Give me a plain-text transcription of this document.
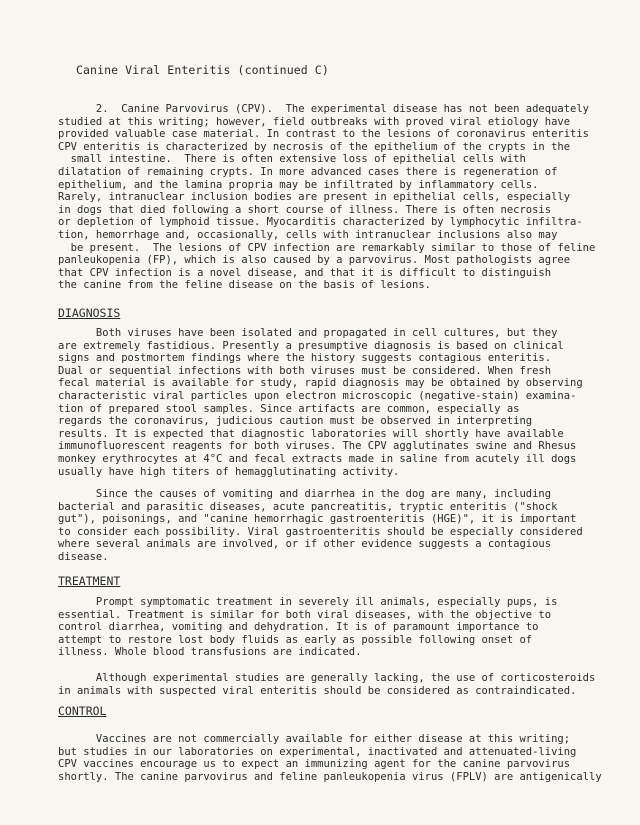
Canine Viral Enteritis (continued C)
2.  Canine Parvovirus (CPV).  The experimental disease has not been adequately
studied at this writing; however, field outbreaks with proved viral etiology have
provided valuable case material. In contrast to the lesions of coronavirus enteritis
CPV enteritis is characterized by necrosis of the epithelium of the crypts in the
small intestine.  There is often extensive loss of epithelial cells with
dilatation of remaining crypts. In more advanced cases there is regeneration of
epithelium, and the lamina propria may be infiltrated by inflammatory cells.
Rarely, intranuclear inclusion bodies are present in epithelial cells, especially
in dogs that died following a short course of illness. There is often necrosis
or depletion of lymphoid tissue. Myocarditis characterized by lymphocytic infiltra-
tion, hemorrhage and, occasionally, cells with intranuclear inclusions also may
be present.  The lesions of CPV infection are remarkably similar to those of feline
panleukopenia (FP), which is also caused by a parvovirus. Most pathologists agree
that CPV infection is a novel disease, and that it is difficult to distinguish
the canine from the feline disease on the basis of lesions.
DIAGNOSIS
Both viruses have been isolated and propagated in cell cultures, but they
are extremely fastidious. Presently a presumptive diagnosis is based on clinical
signs and postmortem findings where the history suggests contagious enteritis.
Dual or sequential infections with both viruses must be considered. When fresh
fecal material is available for study, rapid diagnosis may be obtained by observing
characteristic viral particles upon electron microscopic (negative-stain) examina-
tion of prepared stool samples. Since artifacts are common, especially as
regards the coronavirus, judicious caution must be observed in interpreting
results. It is expected that diagnostic laboratories will shortly have available
immunofluorescent reagents for both viruses. The CPV agglutinates swine and Rhesus
monkey erythrocytes at 4°C and fecal extracts made in saline from acutely ill dogs
usually have high titers of hemagglutinating activity.
Since the causes of vomiting and diarrhea in the dog are many, including
bacterial and parasitic diseases, acute pancreatitis, tryptic enteritis ("shock
gut"), poisonings, and "canine hemorrhagic gastroenteritis (HGE)", it is important
to consider each possibility. Viral gastroenteritis should be especially considered
where several animals are involved, or if other evidence suggests a contagious
disease.
TREATMENT
Prompt symptomatic treatment in severely ill animals, especially pups, is
essential. Treatment is similar for both viral diseases, with the objective to
control diarrhea, vomiting and dehydration. It is of paramount importance to
attempt to restore lost body fluids as early as possible following onset of
illness. Whole blood transfusions are indicated.
Although experimental studies are generally lacking, the use of corticosteroids
in animals with suspected viral enteritis should be considered as contraindicated.
CONTROL
Vaccines are not commercially available for either disease at this writing;
but studies in our laboratories on experimental, inactivated and attenuated-living
CPV vaccines encourage us to expect an immunizing agent for the canine parvovirus
shortly. The canine parvovirus and feline panleukopenia virus (FPLV) are antigenically
